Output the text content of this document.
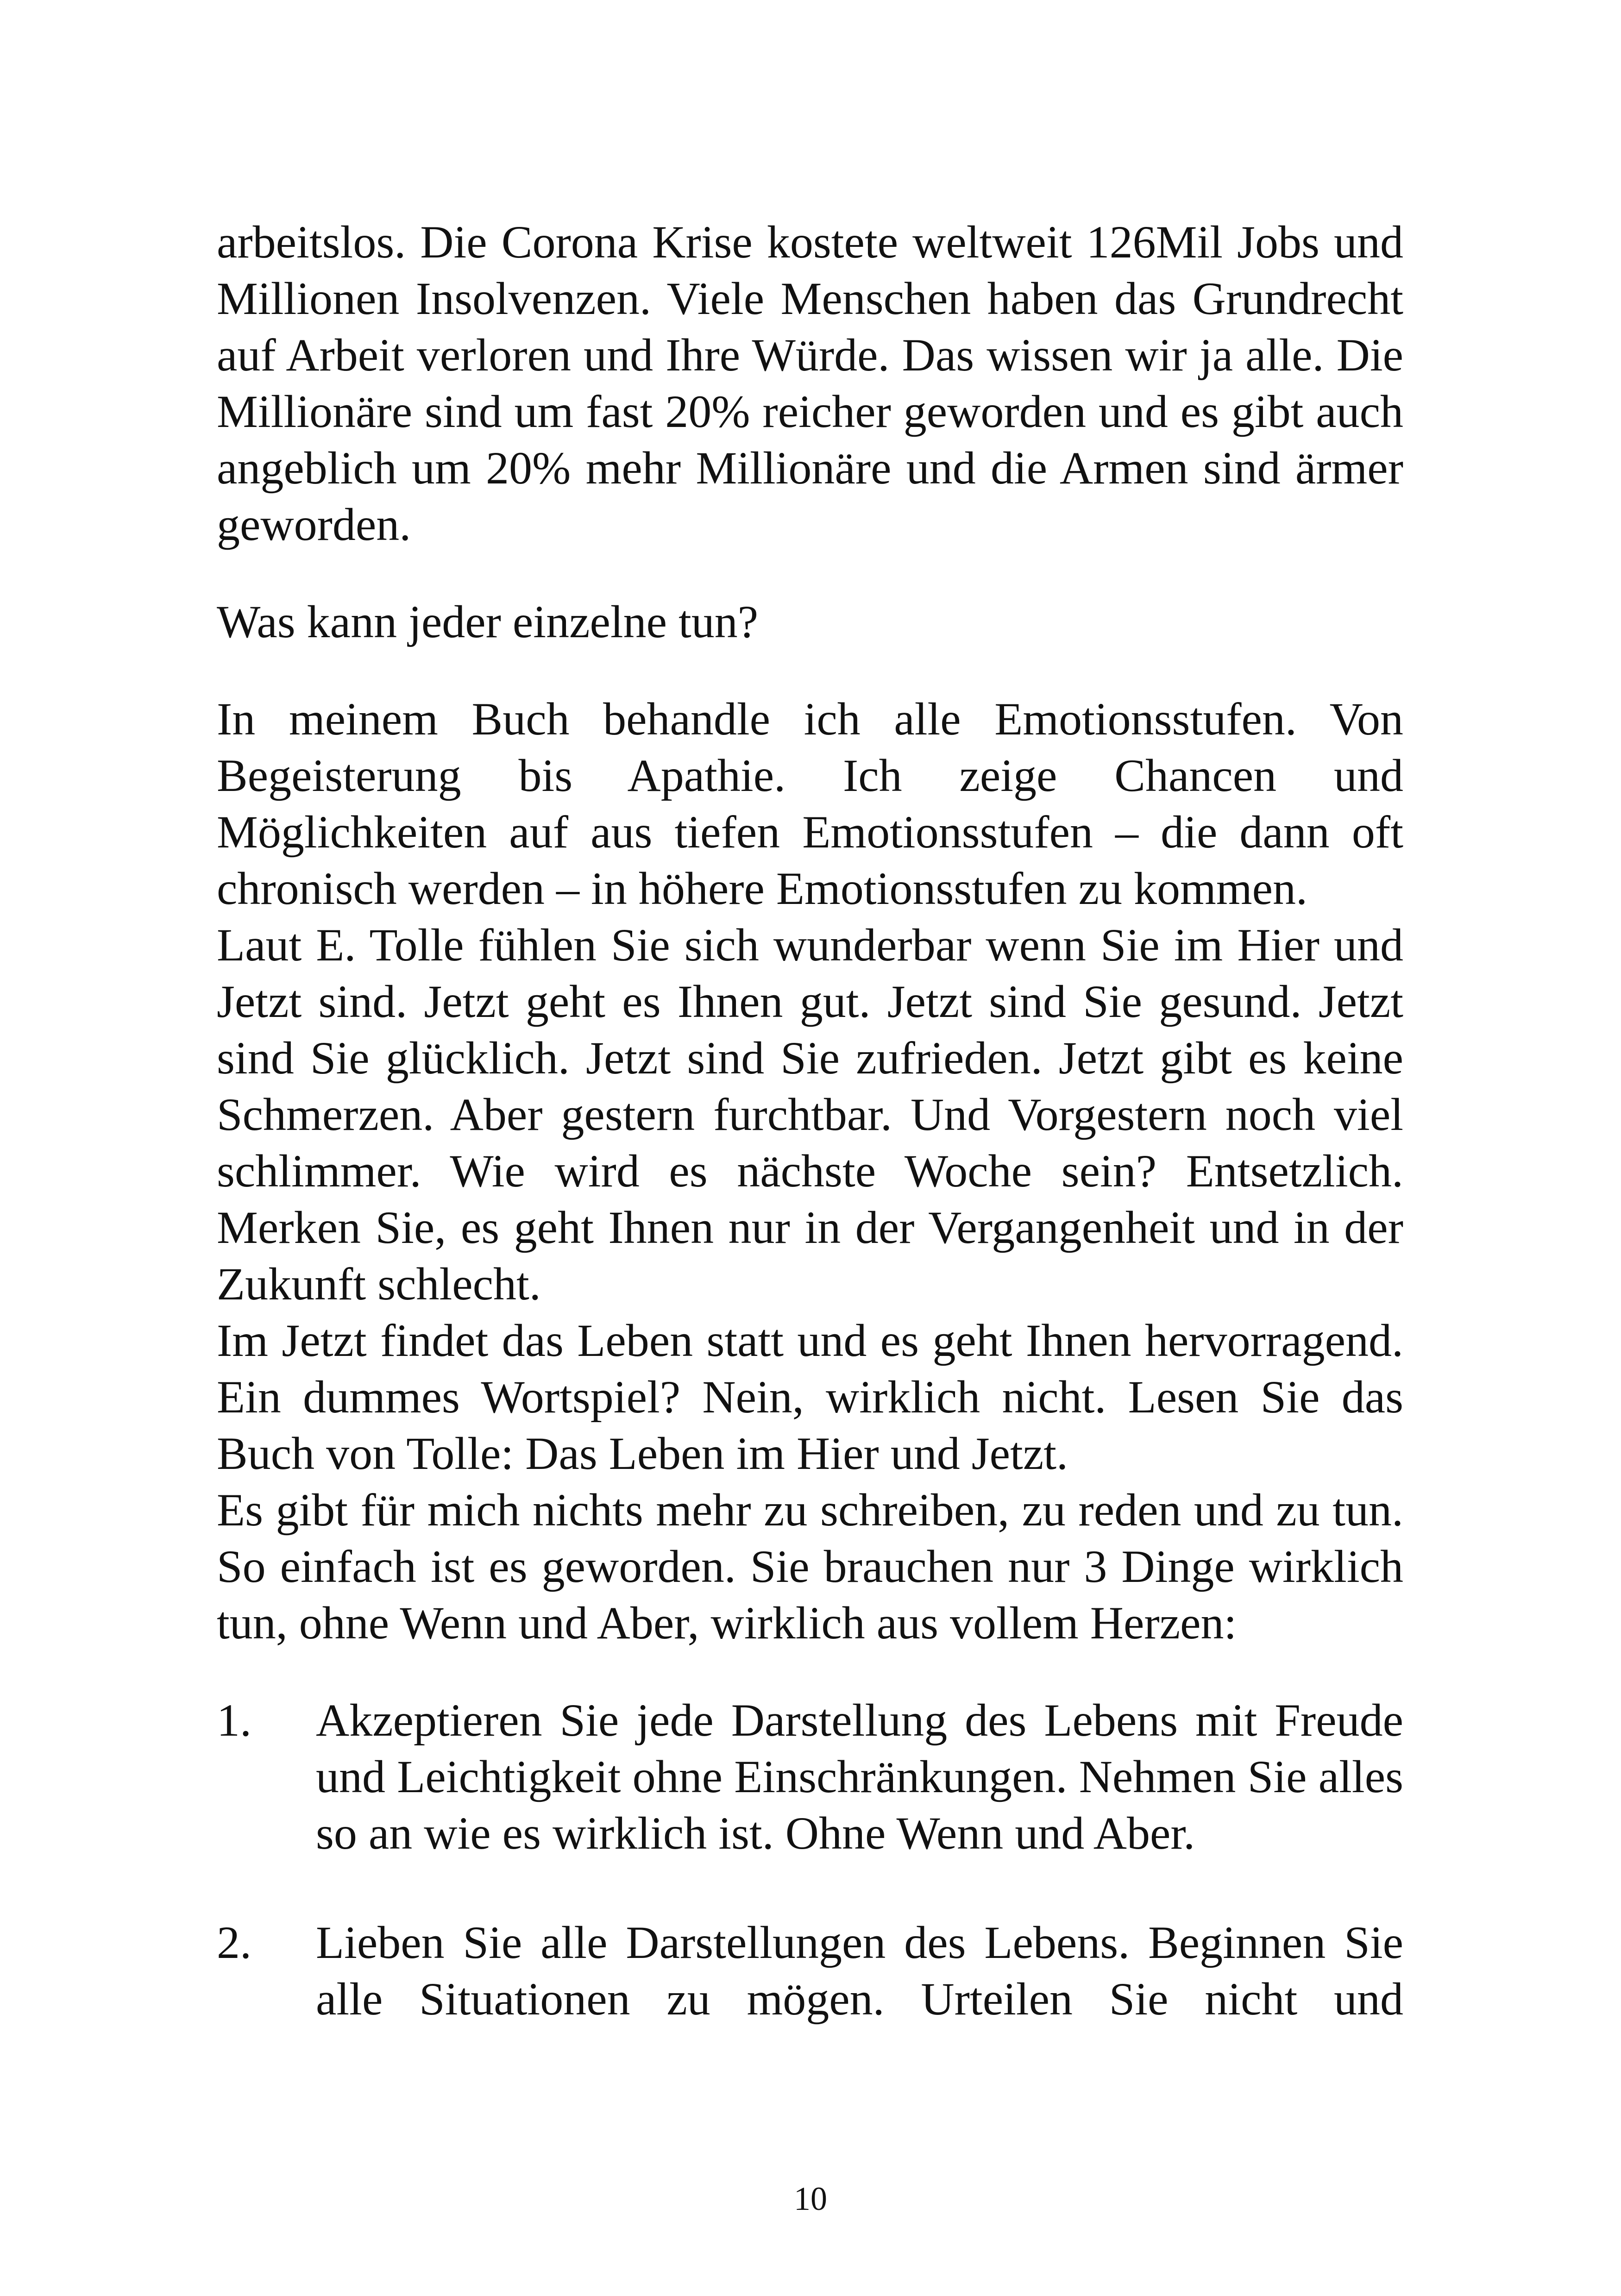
arbeitslos. Die Corona Krise kostete weltweit 126Mil Jobs und Millionen Insolvenzen. Viele Menschen haben das Grundrecht auf Arbeit verloren und Ihre Würde. Das wissen wir ja alle. Die Millionäre sind um fast 20% reicher geworden und es gibt auch angeblich um 20% mehr Millionäre und die Armen sind ärmer geworden.

Was kann jeder einzelne tun?

In meinem Buch behandle ich alle Emotionsstufen. Von Begeisterung bis Apathie. Ich zeige Chancen und Möglichkeiten auf aus tiefen Emotionsstufen – die dann oft chronisch werden – in höhere Emotionsstufen zu kommen.

Laut E. Tolle fühlen Sie sich wunderbar wenn Sie im Hier und Jetzt sind. Jetzt geht es Ihnen gut. Jetzt sind Sie gesund. Jetzt sind Sie glücklich. Jetzt sind Sie zufrieden. Jetzt gibt es keine Schmerzen. Aber gestern furchtbar. Und Vorgestern noch viel schlimmer. Wie wird es nächste Woche sein? Entsetzlich. Merken Sie, es geht Ihnen nur in der Vergangenheit und in der Zukunft schlecht.

Im Jetzt findet das Leben statt und es geht Ihnen hervorragend. Ein dummes Wortspiel? Nein, wirklich nicht. Lesen Sie das Buch von Tolle: Das Leben im Hier und Jetzt.

Es gibt für mich nichts mehr zu schreiben, zu reden und zu tun. So einfach ist es geworden. Sie brauchen nur 3 Dinge wirklich tun, ohne Wenn und Aber, wirklich aus vollem Herzen:

1.	Akzeptieren Sie jede Darstellung des Lebens mit Freude und Leichtigkeit ohne Einschränkungen. Nehmen Sie alles so an wie es wirklich ist. Ohne Wenn und Aber.
2.	Lieben Sie alle Darstellungen des Lebens. Beginnen Sie alle Situationen zu mögen. Urteilen Sie nicht und
10
